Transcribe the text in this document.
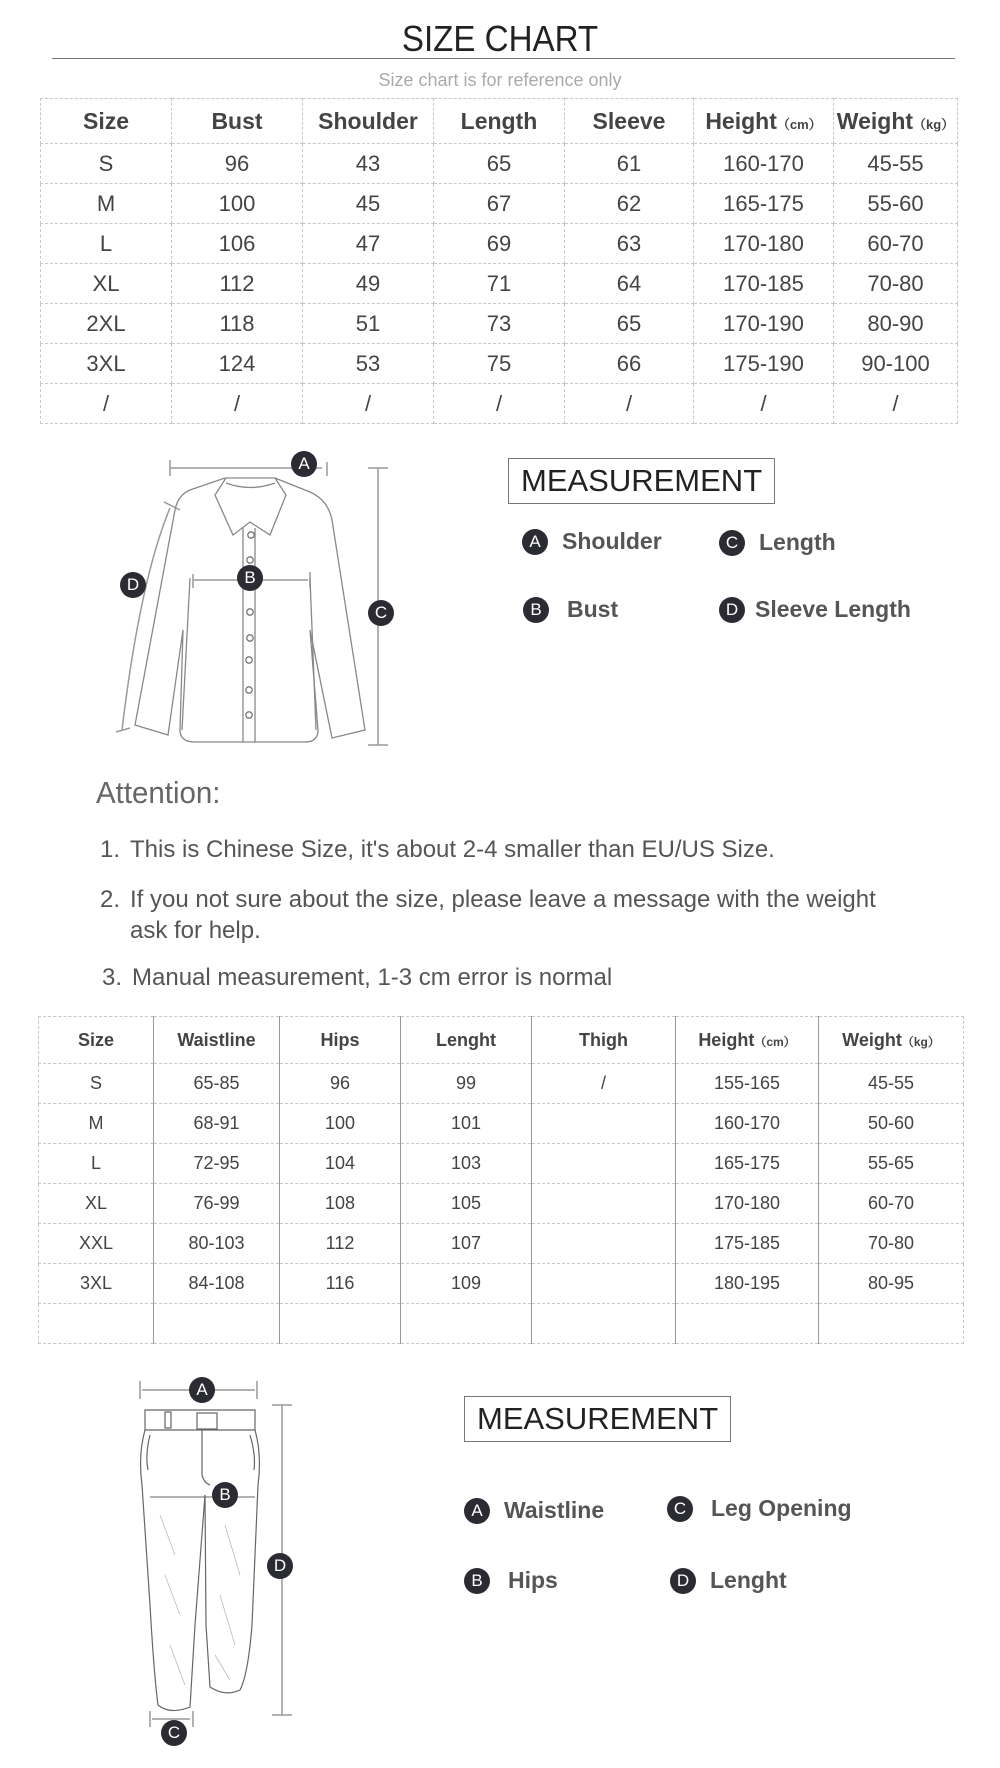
SIZE CHART
Size chart is for reference only
Size	Bust	Shoulder	Length	Sleeve	Height（cm）	Weight（kg）
S	96	43	65	61	160-170	45-55
M	100	45	67	62	165-175	55-60
L	106	47	69	63	170-180	60-70
XL	112	49	71	64	170-185	70-80
2XL	118	51	73	65	170-190	80-90
3XL	124	53	75	66	175-190	90-100
/	/	/	/	/	/	/
A
B
C
D
MEASUREMENT
A Shoulder
B	Bust
C Length
D Sleeve Length
Attention:
1. This is Chinese Size, it's about 2-4 smaller than EU/US Size.
2. If you not sure about the size, please leave a message with the weight ask for help.
3. Manual measurement, 1-3 cm error is normal
Size	Waistline	Hips	Lenght	Thigh	Height（cm）	Weight（kg）
S	65-85	96	99	/	155-165	45-55
M	68-91	100	101		160-170	50-60
L	72-95	104	103		165-175	55-65
XL	76-99	108	105		170-180	60-70
XXL	80-103	112	107		175-185	70-80
3XL	84-108	116	109		180-195	80-95

A
B
C
D
MEASUREMENT
A Waistline
B	Hips
C Leg Opening
D Lenght
